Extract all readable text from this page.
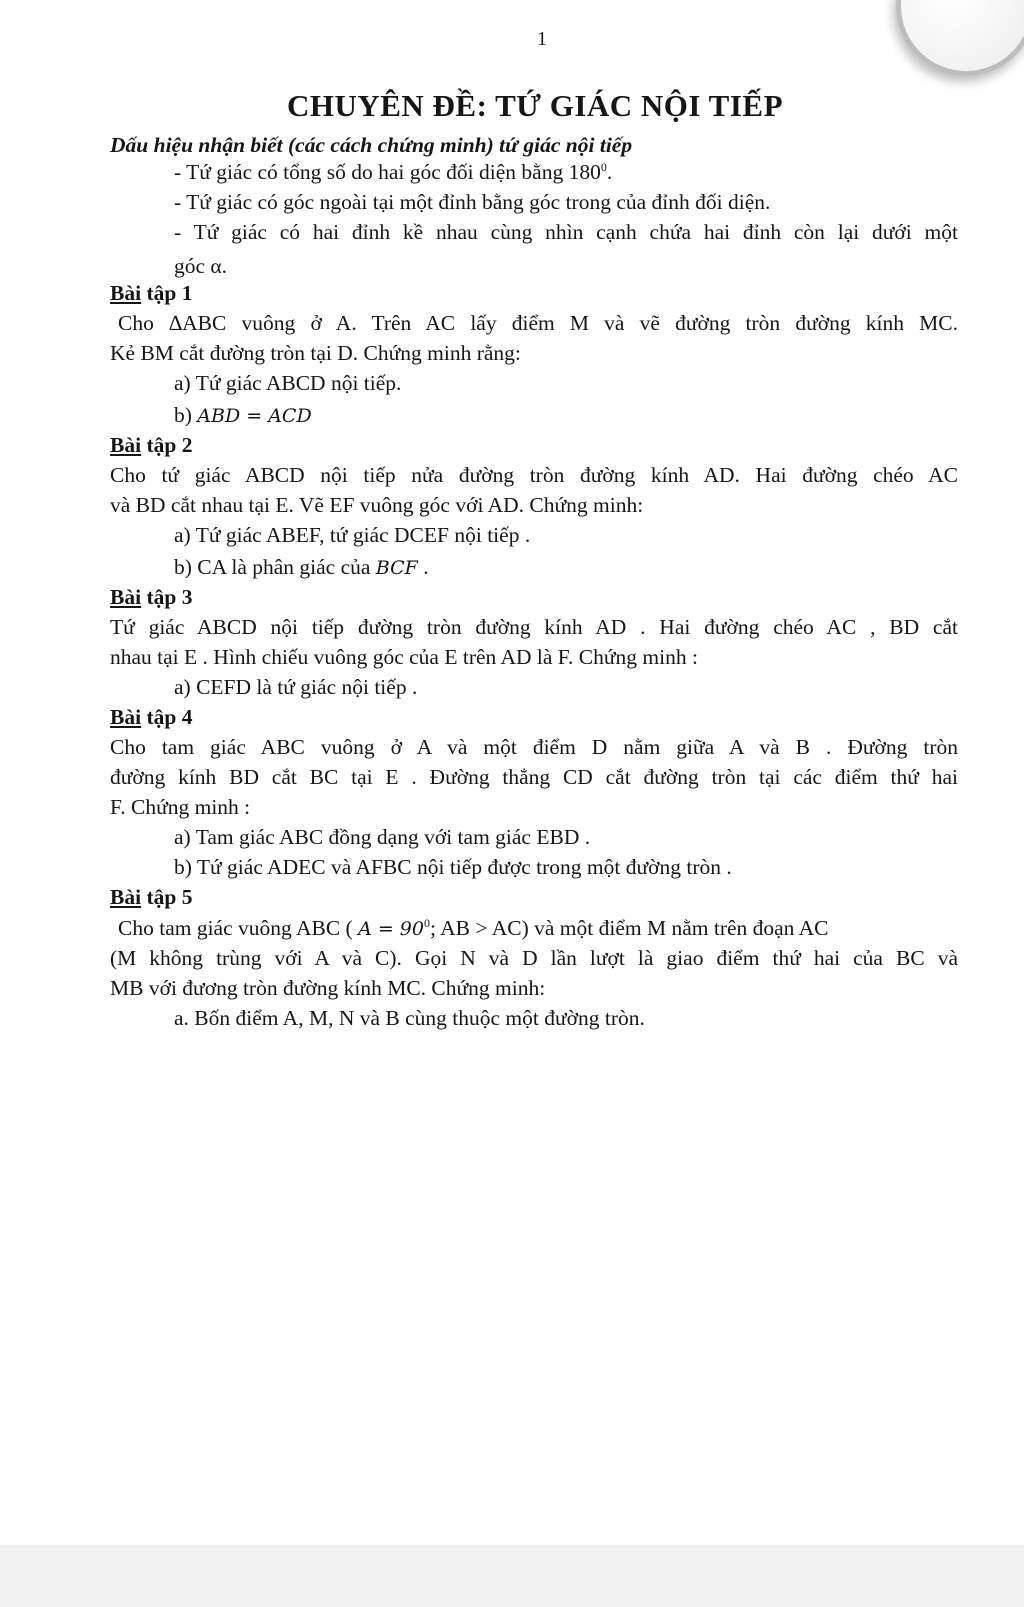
1
CHUYÊN ĐỀ: TỨ GIÁC NỘI TIẾP
Dấu hiệu nhận biết (các cách chứng minh) tứ giác nội tiếp
- Tứ giác có tổng số do hai góc đối diện bằng $180^0$.
- Tứ giác có góc ngoài tại một đỉnh bằng góc trong của đỉnh đối diện.
- Tứ giác có hai đỉnh kề nhau cùng nhìn cạnh chứa hai đỉnh còn lại dưới một
góc α.
Bài tập 1
Cho ∆ABC vuông ở A. Trên AC lấy điểm M và vẽ đường tròn đường kính MC.
Kẻ BM cắt đường tròn tại D. Chứng minh rằng:
a) Tứ giác ABCD nội tiếp.
b) ABD = ACD
Bài tập 2
Cho tứ giác ABCD nội tiếp nửa đường tròn đường kính AD. Hai đường chéo AC
và BD cắt nhau tại E. Vẽ EF vuông góc với AD. Chứng minh:
a) Tứ giác ABEF, tứ giác DCEF nội tiếp .
b) CA là phân giác của BCF .
Bài tập 3
Tứ giác ABCD nội tiếp đường tròn đường kính AD . Hai đường chéo AC , BD cắt
nhau tại E . Hình chiếu vuông góc của E trên AD là F. Chứng minh :
a) CEFD là tứ giác nội tiếp .
Bài tập 4
Cho tam giác ABC vuông ở A và một điểm D nằm giữa A và B . Đường tròn
đường kính BD cắt BC tại E . Đường thẳng CD cắt đường tròn tại các điểm thứ hai
F. Chứng minh :
a) Tam giác ABC đồng dạng với tam giác EBD .
b) Tứ giác ADEC và AFBC nội tiếp được trong một đường tròn .
Bài tập 5
Cho tam giác vuông ABC ( $A = 90^0$; AB > AC) và một điểm M nằm trên đoạn AC
(M không trùng với A và C). Gọi N và D lần lượt là giao điểm thứ hai của BC và
MB với đương tròn đường kính MC. Chứng minh:
a. Bốn điểm A, M, N và B cùng thuộc một đường tròn.
